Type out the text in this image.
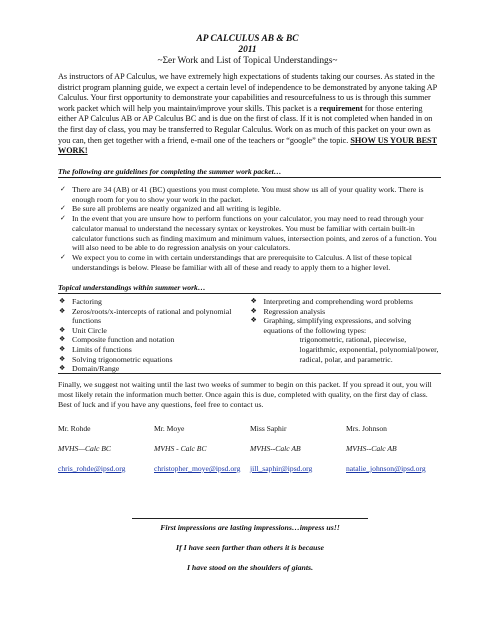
AP CALCULUS AB & BC
2011
~Σer Work and List of Topical Understandings~
As instructors of AP Calculus, we have extremely high expectations of students taking our courses. As stated in the district program planning guide, we expect a certain level of independence to be demonstrated by anyone taking AP Calculus. Your first opportunity to demonstrate your capabilities and resourcefulness to us is through this summer work packet which will help you maintain/improve your skills. This packet is a requirement for those entering either AP Calculus AB or AP Calculus BC and is due on the first of class. If it is not completed when handed in on the first day of class, you may be transferred to Regular Calculus. Work on as much of this packet on your own as you can, then get together with a friend, e-mail one of the teachers or “google” the topic. SHOW US YOUR BEST WORK!
The following are guidelines for completing the summer work packet…
✓ There are 34 (AB) or 41 (BC) questions you must complete. You must show us all of your quality work. There is enough room for you to show your work in the packet.
✓ Be sure all problems are neatly organized and all writing is legible.
✓ In the event that you are unsure how to perform functions on your calculator, you may need to read through your calculator manual to understand the necessary syntax or keystrokes. You must be familiar with certain built-in calculator functions such as finding maximum and minimum values, intersection points, and zeros of a function. You will also need to be able to do regression analysis on your calculators.
✓ We expect you to come in with certain understandings that are prerequisite to Calculus. A list of these topical understandings is below. Please be familiar with all of these and ready to apply them to a higher level.
Topical understandings within summer work…
❖ Factoring
❖ Zeros/roots/x-intercepts of rational and polynomial functions
❖ Unit Circle
❖ Composite function and notation
❖ Limits of functions
❖ Solving trigonometric equations
❖ Domain/Range
❖ Interpreting and comprehending word problems
❖ Regression analysis
❖ Graphing, simplifying expressions, and solving equations of the following types:
trigonometric, rational, piecewise,
logarithmic, exponential, polynomial/power,
radical, polar, and parametric.
Finally, we suggest not waiting until the last two weeks of summer to begin on this packet. If you spread it out, you will most likely retain the information much better. Once again this is due, completed with quality, on the first day of class. Best of luck and if you have any questions, feel free to contact us.
Mr. Rohde	Mr. Moye	Miss Saphir	Mrs. Johnson
MVHS—Calc BC	MVHS - Calc BC	MVHS--Calc AB	MVHS--Calc AB
chris_rohde@ipsd.org	christopher_moye@ipsd.org	jill_saphir@ipsd.org	natalie_johnson@ipsd.org
First impressions are lasting impressions…impress us!!
If I have seen farther than others it is because
I have stood on the shoulders of giants.
